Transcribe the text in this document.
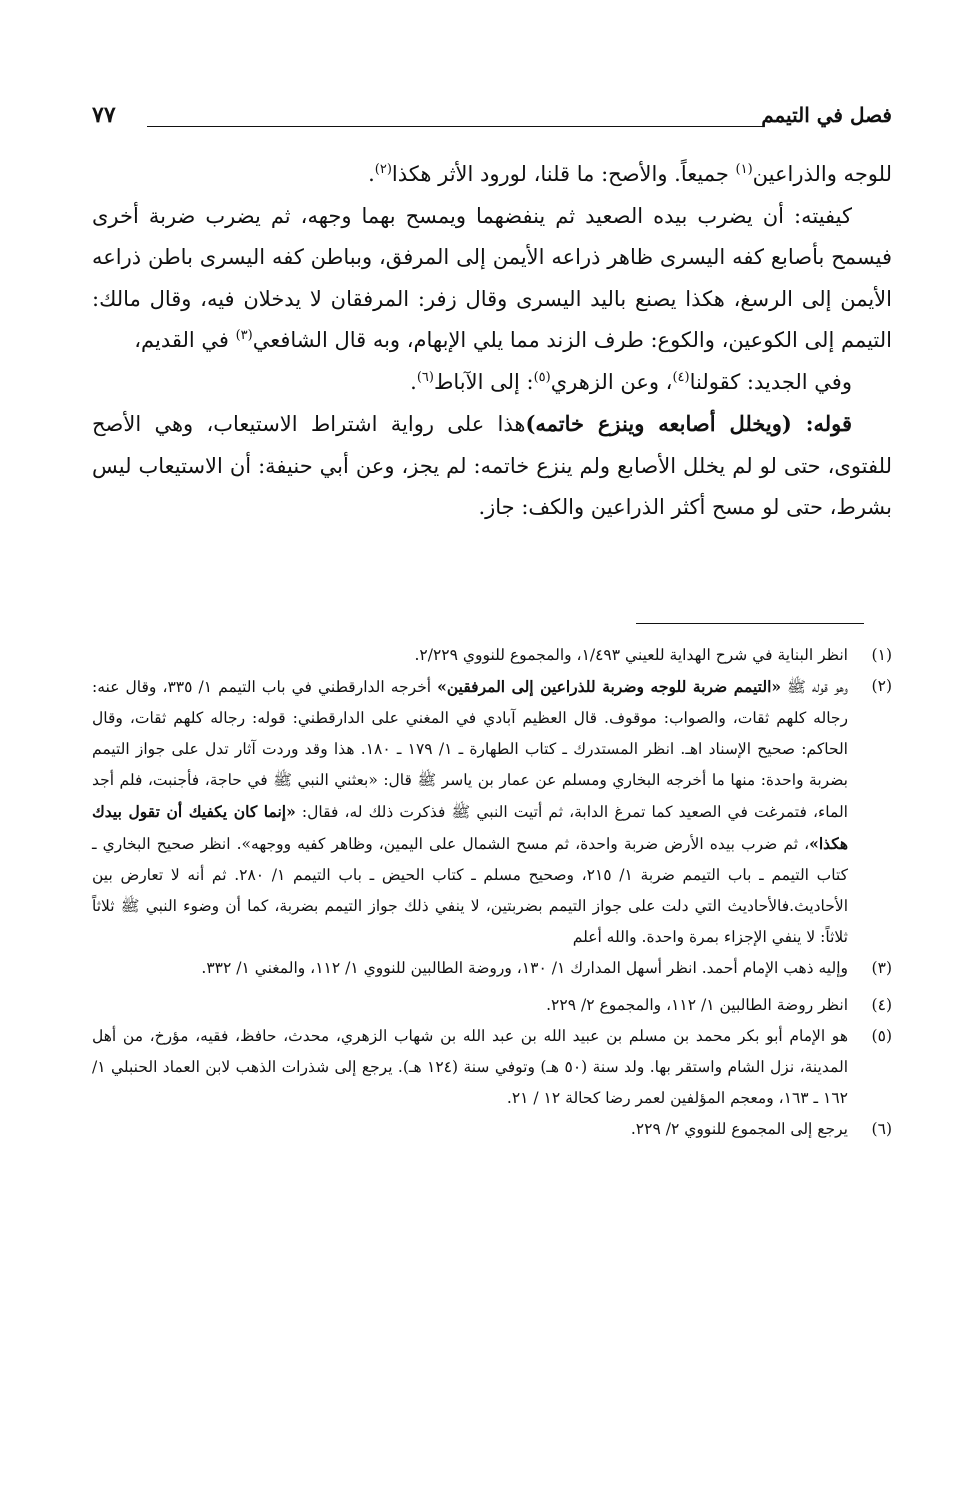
فصل في التيمم
٧٧

للوجه والذراعين$^{(١)}$ جميعاً. والأصح: ما قلنا، لورود الأثر هكذا$^{(٢)}$.

كيفيته: أن يضرب بيده الصعيد ثم ينفضهما ويمسح بهما وجهه، ثم يضرب ضربة أخرى فيسمح بأصابع كفه اليسرى ظاهر ذراعه الأيمن إلى المرفق، وبباطن كفه اليسرى باطن ذراعه الأيمن إلى الرسغ، هكذا يصنع باليد اليسرى وقال زفر: المرفقان لا يدخلان فيه، وقال مالك: التيمم إلى الكوعين، والكوع: طرف الزند مما يلي الإبهام، وبه قال الشافعي$^{(٣)}$ في القديم،

وفي الجديد: كقولنا$^{(٤)}$، وعن الزهري$^{(٥)}$: إلى الآباط$^{(٦)}$.

قوله: (ويخلل أصابعه وينزع خاتمه)هذا على رواية اشتراط الاستيعاب، وهي الأصح للفتوى، حتى لو لم يخلل الأصابع ولم ينزع خاتمه: لم يجز، وعن أبي حنيفة: أن الاستيعاب ليس بشرط، حتى لو مسح أكثر الذراعين والكف: جاز.

(١)
انظر البناية في شرح الهداية للعيني ١/٤٩٣، والمجموع للنووي ٢/٢٢٩.
(٢)
وهو قوله ﷺ «التيمم ضربة للوجه وضربة للذراعين إلى المرفقين» أخرجه الدارقطني في باب التيمم ١/ ٣٣٥، وقال عنه: رجاله كلهم ثقات، والصواب: موقوف. قال العظيم آبادي في المغني على الدارقطني: قوله: رجاله كلهم ثقات، وقال الحاكم: صحيح الإسناد اهـ. انظر المستدرك ـ كتاب الطهارة ـ ١/ ١٧٩ ـ ١٨٠. هذا وقد وردت آثار تدل على جواز التيمم بضربة واحدة: منها ما أخرجه البخاري ومسلم عن عمار بن ياسر ﷺ قال: «بعثني النبي ﷺ في حاجة، فأجنبت، فلم أجد الماء، فتمرغت في الصعيد كما تمرغ الدابة، ثم أتيت النبي ﷺ فذكرت ذلك له، فقال: «إنما كان يكفيك أن تقول بيدك هكذا»، ثم ضرب بيده الأرض ضربة واحدة، ثم مسح الشمال على اليمين، وظاهر كفيه ووجهه». انظر صحيح البخاري ـ كتاب التيمم ـ باب التيمم ضربة ١/ ٢١٥، وصحيح مسلم ـ كتاب الحيض ـ باب التيمم ١/ ٢٨٠. ثم أنه لا تعارض بين الأحاديث.فالأحاديث التي دلت على جواز التيمم بضربتين، لا ينفي ذلك جواز التيمم بضربة، كما أن وضوء النبي ﷺ ثلاثاً ثلاثاً: لا ينفي الإجزاء بمرة واحدة. والله أعلم
(٣)
وإليه ذهب الإمام أحمد. انظر أسهل المدارك ١/ ١٣٠، وروضة الطالبين للنووي ١/ ١١٢، والمغني ١/ ٣٣٢.
(٤)
انظر روضة الطالبين ١/ ١١٢، والمجموع ٢/ ٢٢٩.
(٥)
هو الإمام أبو بكر محمد بن مسلم بن عبيد الله بن عبد الله بن شهاب الزهري، محدث، حافظ، فقيه، مؤرخ، من أهل المدينة، نزل الشام واستقر بها. ولد سنة (٥٠ هـ) وتوفي سنة (١٢٤ هـ). يرجع إلى شذرات الذهب لابن العماد الحنبلي ١/ ١٦٢ ـ ١٦٣، ومعجم المؤلفين لعمر رضا كحالة ١٢ / ٢١.
(٦)
يرجع إلى المجموع للنووي ٢/ ٢٢٩.
